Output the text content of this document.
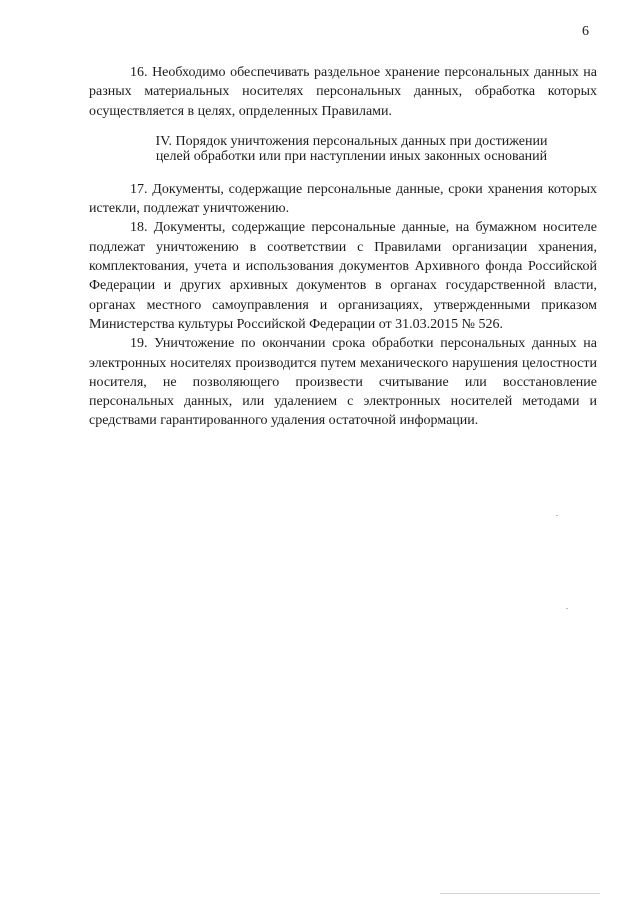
6

16. Необходимо обеспечивать раздельное хранение персональных данных на разных материальных носителях персональных данных, обработка которых осуществляется в целях, опрделенных Правилами.

IV. Порядок уничтожения персональных данных при достижении
целей обработки или при наступлении иных законных оснований

17. Документы, содержащие персональные данные, сроки хранения которых истекли, подлежат уничтожению.

18. Документы, содержащие персональные данные, на бумажном носителе подлежат уничтожению в соответствии с Правилами организации хранения, комплектования, учета и использования документов Архивного фонда Российской Федерации и других архивных документов в органах государственной власти, органах местного самоуправления и организациях, утвержденными приказом Министерства культуры Российской Федерации от 31.03.2015 № 526.

19. Уничтожение по окончании срока обработки персональных данных на электронных носителях производится путем механического нарушения целостности носителя, не позволяющего произвести считывание или восстановление персональных данных, или удалением с электронных носителей методами и средствами гарантированного удаления остаточной информации.
